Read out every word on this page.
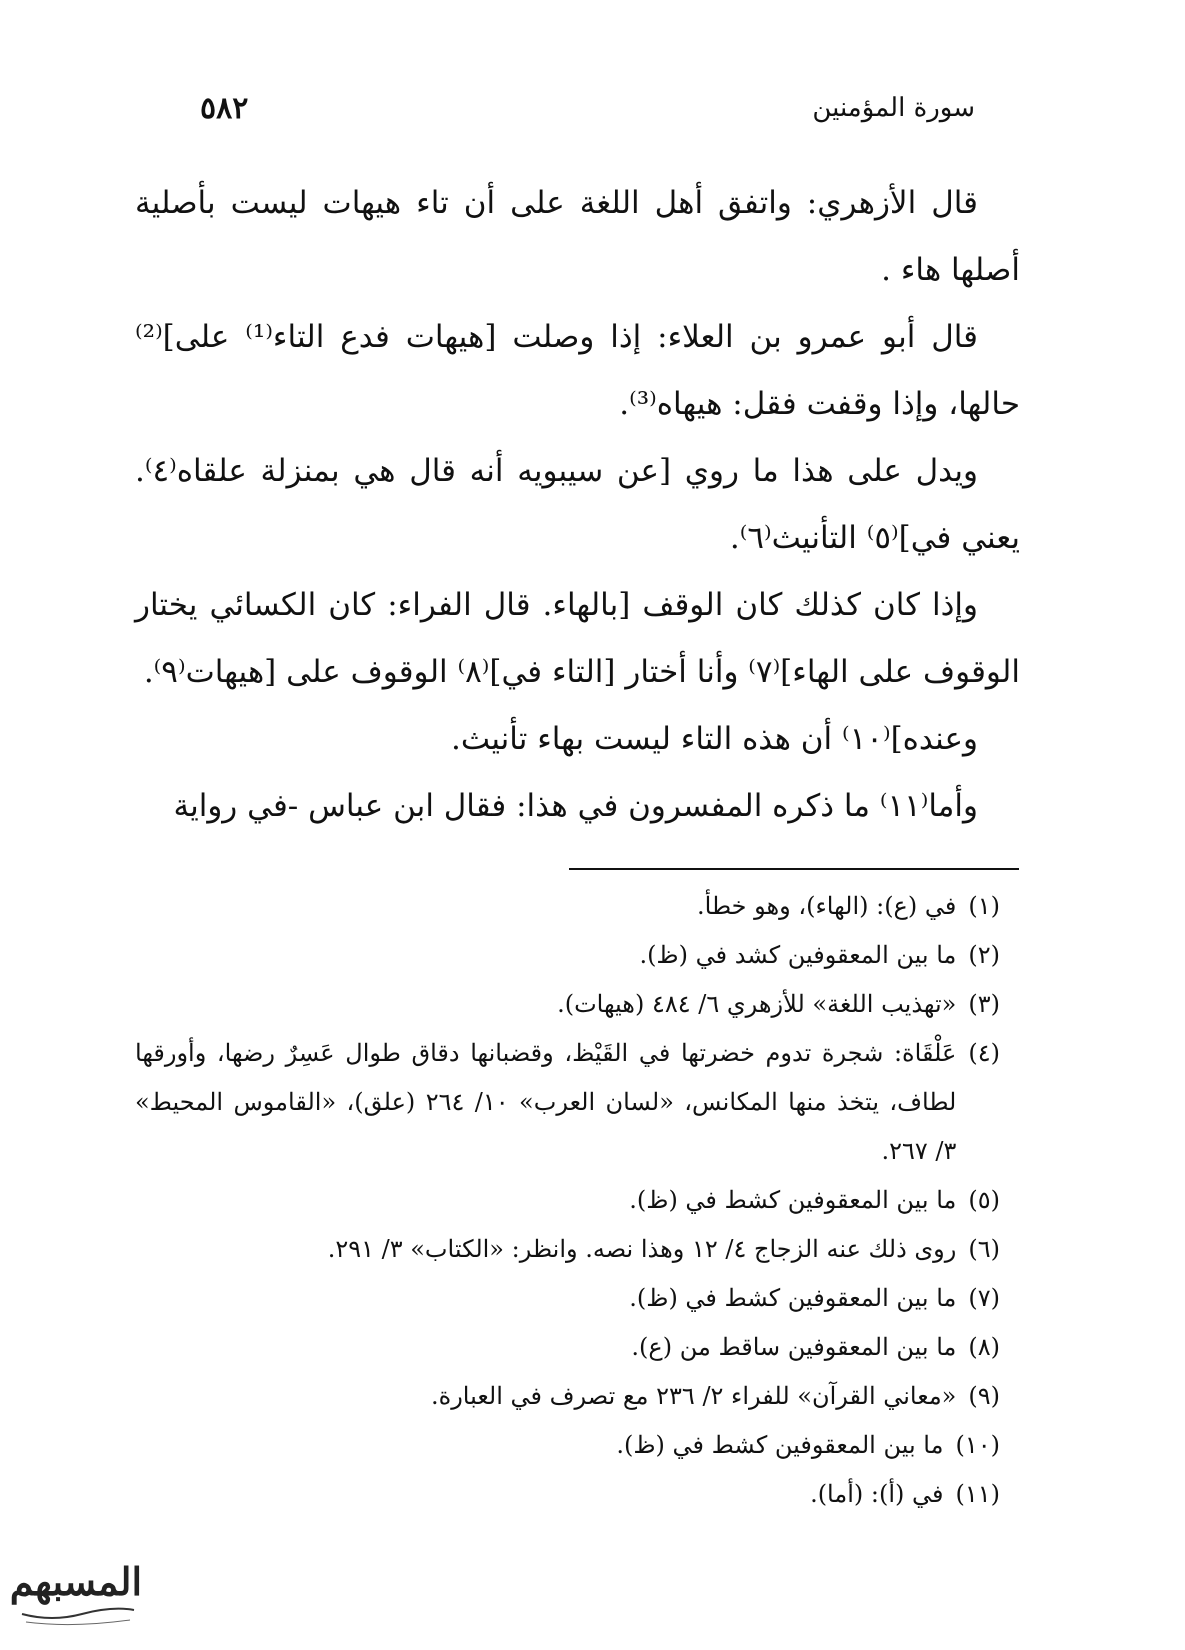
سورة المؤمنين
٥٨٢

قال الأزهري: واتفق أهل اللغة على أن تاء هيهات ليست بأصلية أصلها هاء .

قال أبو عمرو بن العلاء: إذا وصلت [هيهات فدع التاء⁽¹⁾ على]⁽²⁾ حالها، وإذا وقفت فقل: هيهاه⁽³⁾.

ويدل على هذا ما روي [عن سيبويه أنه قال هي بمنزلة علقاه⁽٤⁾. يعني في]⁽٥⁾ التأنيث⁽٦⁾.

وإذا كان كذلك كان الوقف [بالهاء. قال الفراء: كان الكسائي يختار الوقوف على الهاء]⁽٧⁾ وأنا أختار [التاء في]⁽٨⁾ الوقوف على [هيهات⁽٩⁾.

وعنده]⁽١٠⁾ أن هذه التاء ليست بهاء تأنيث.

وأما⁽١١⁾ ما ذكره المفسرون في هذا: فقال ابن عباس -في رواية

(١)
في (ع): (الهاء)، وهو خطأ.
(٢)
ما بين المعقوفين كشد في (ظ).
(٣)
«تهذيب اللغة» للأزهري ٦/ ٤٨٤ (هيهات).
(٤)
عَلْقَاة: شجرة تدوم خضرتها في القَيْظ، وقضبانها دقاق طوال عَسِرٌ رضها، وأورقها لطاف، يتخذ منها المكانس، «لسان العرب» ١٠/ ٢٦٤ (علق)، «القاموس المحيط» ٣/ ٢٦٧.
(٥)
ما بين المعقوفين كشط في (ظ).
(٦)
روى ذلك عنه الزجاج ٤/ ١٢ وهذا نصه. وانظر: «الكتاب» ٣/ ٢٩١.
(٧)
ما بين المعقوفين كشط في (ظ).
(٨)
ما بين المعقوفين ساقط من (ع).
(٩)
«معاني القرآن» للفراء ٢/ ٢٣٦ مع تصرف في العبارة.
(١٠)
ما بين المعقوفين كشط في (ظ).
(١١)
في (أ): (أما).
المسبهم
